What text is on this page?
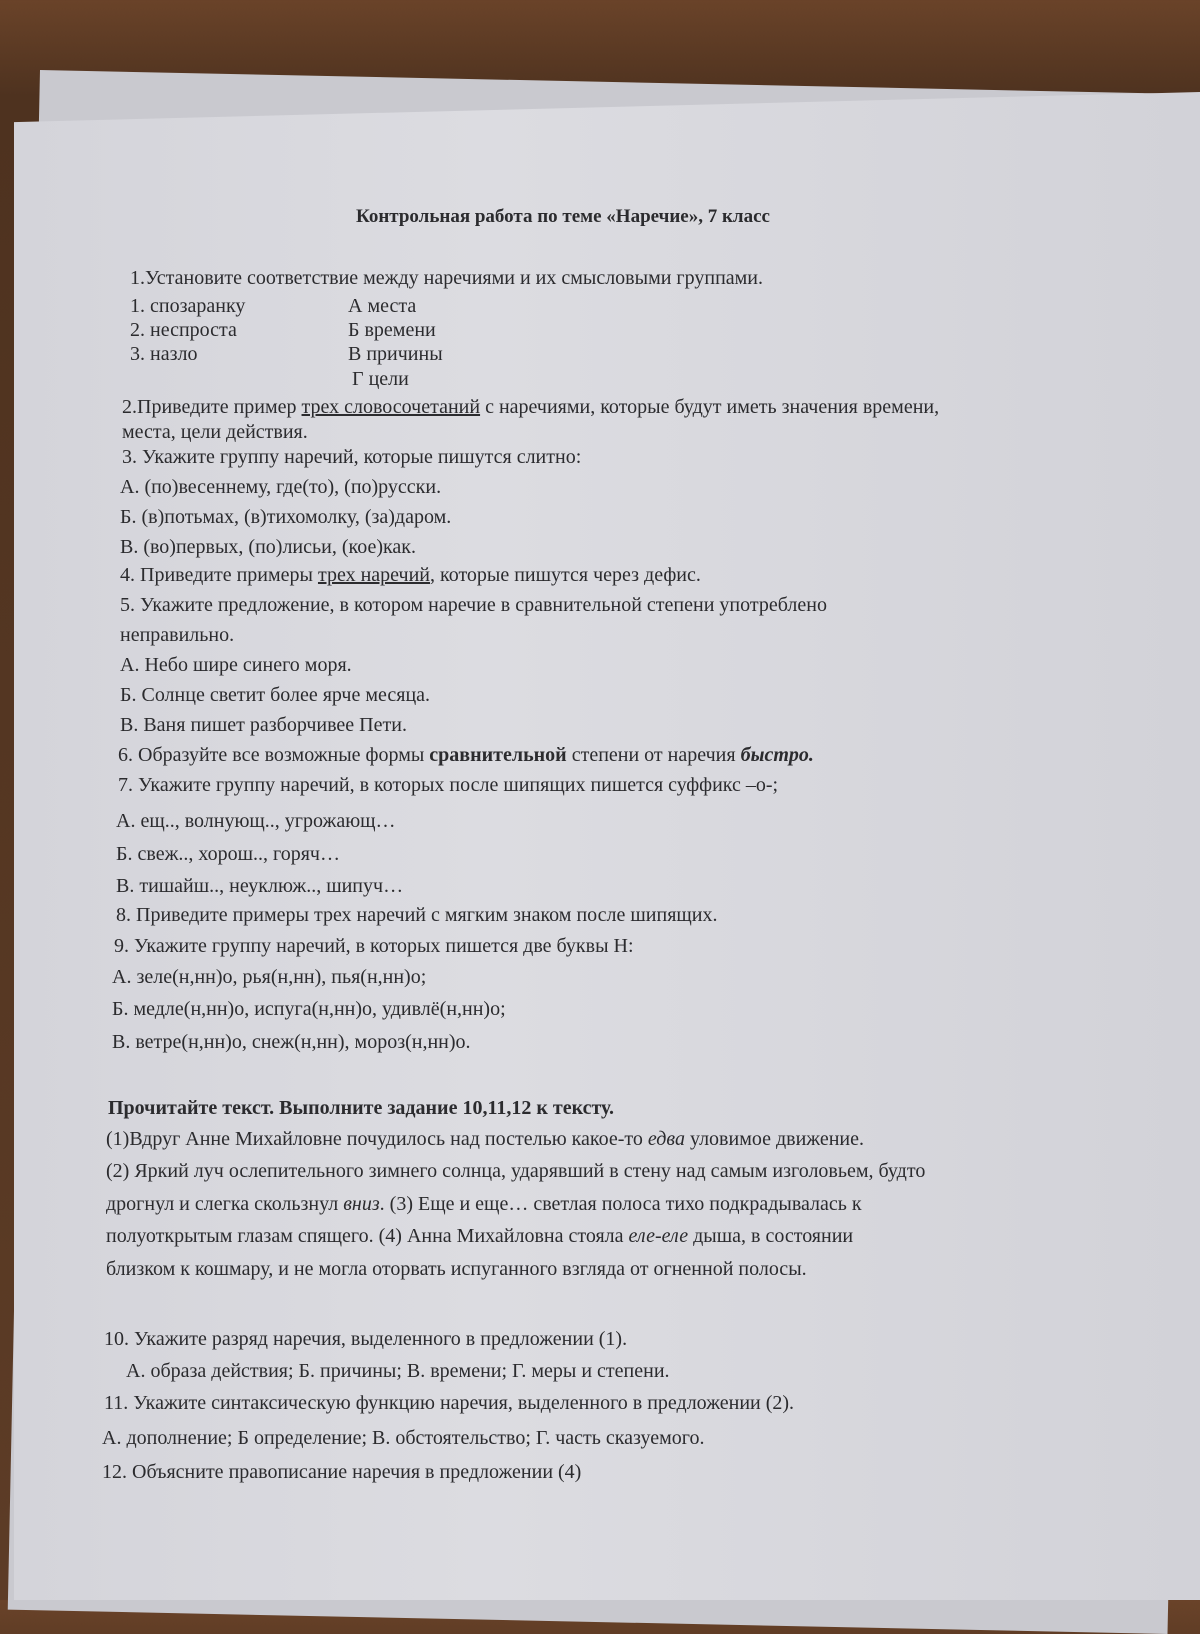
Контрольная работа по теме «Наречие», 7 класс
1.Установите соответствие между наречиями и их смысловыми группами.
1. спозаранку
2. неспроста
3. назло
А места
Б времени
В причины
Г цели
2.Приведите пример трех словосочетаний с наречиями, которые будут иметь значения времени,
места, цели действия.
3. Укажите группу наречий, которые пишутся слитно:
А. (по)весеннему, где(то), (по)русски.
Б. (в)потьмах, (в)тихомолку, (за)даром.
В. (во)первых, (по)лисьи, (кое)как.
4. Приведите примеры трех наречий, которые пишутся через дефис.
5. Укажите предложение, в котором наречие в сравнительной степени употреблено
неправильно.
А. Небо шире синего моря.
Б. Солнце светит более ярче месяца.
В. Ваня пишет разборчивее Пети.
6. Образуйте все возможные формы сравнительной степени от наречия быстро.
7. Укажите группу наречий, в которых после шипящих пишется суффикс –о-;
А. ещ.., волнующ.., угрожающ…
Б. свеж.., хорош.., горяч…
В. тишайш.., неуклюж.., шипуч…
8. Приведите примеры трех наречий с мягким знаком после шипящих.
9. Укажите группу наречий, в которых пишется две буквы Н:
А. зеле(н,нн)о, рья(н,нн), пья(н,нн)о;
Б. медле(н,нн)о, испуга(н,нн)о, удивлё(н,нн)о;
В. ветре(н,нн)о, снеж(н,нн), мороз(н,нн)о.
Прочитайте текст. Выполните задание 10,11,12 к тексту.
(1)Вдруг Анне Михайловне почудилось над постелью какое-то едва уловимое движение.
(2) Яркий луч ослепительного зимнего солнца, ударявший в стену над самым изголовьем, будто
дрогнул и слегка скользнул вниз. (3) Еще и еще… светлая полоса тихо подкрадывалась к
полуоткрытым глазам спящего. (4) Анна Михайловна стояла еле-еле дыша, в состоянии
близком к кошмару, и не могла оторвать испуганного взгляда от огненной полосы.
10. Укажите разряд наречия, выделенного в предложении (1).
А. образа действия; Б. причины; В. времени; Г. меры и степени.
11. Укажите синтаксическую функцию наречия, выделенного в предложении (2).
А. дополнение; Б определение; В. обстоятельство; Г. часть сказуемого.
12. Объясните правописание наречия в предложении (4)
